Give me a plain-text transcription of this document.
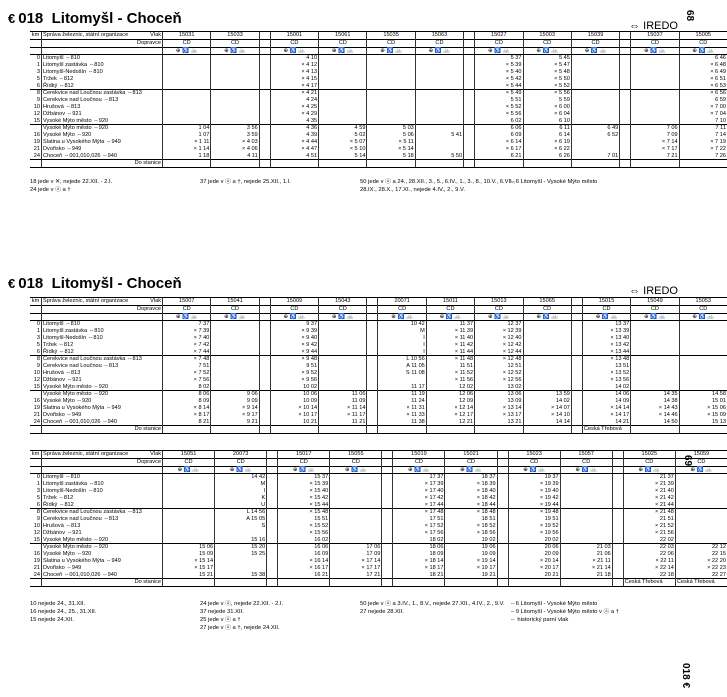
68
69
018 €
€ 018 Litomyšl - Choceň	⇔ IREDO
km	Správa železnic, státní organizace Vlak	15031	15033		15001	15061	15035	15063		15027	15003	15039		15037	15005
	Dopravce	ČD	ČD		ČD	ČD	ČD	ČD		ČD	ČD	ČD		ČD	ČD
		⊕ ♿ 🚲	⊕ ♿ 🚲		⊕ ♿ 🚲	⊕ ♿ 🚲	⊕ ♿ 🚲	⊕ ♿ 🚲		⊕ ♿ 🚲	⊕ ♿ 🚲	⊕ ♿ 🚲		⊕ ♿ 🚲	⊕ ♿ 🚲
0	Litomyšl ⇔810				4 10					5 37	5 45				6 46
1	Litomyšl zastávka ⇔810				× 4 12					× 5 39	× 5 47				× 6 48
3	Litomyšl-Nedošín ⇔810				× 4 13					× 5 40	× 5 48				× 6 49
5	Tržek ⇔812				× 4 15					× 5 42	× 5 50				× 6 51
6	Řídký ⇔812				× 4 17					× 5 44	× 5 52				× 6 53
8	Cerekvice nad Loučnou zastávka ⇔813				× 4 21					× 5 49	× 5 56				× 6 56
9	Cerekvice nad Loučnou ⇔813				4 24					5 51	5 59				6 59
10	Hrušová ⇔813				× 4 25					× 5 52	× 6 00				× 7 00
12	Džbánov ⇔921				× 4 29					× 5 56	× 6 04				× 7 04
15	Vysoké Mýto město ⇔920				4 35					6 02	6 10				7 10
	Vysoké Mýto město ⇔920	1 04	3 56		4 36	4 59	5 03			6 06	6 11	6 49		7 06	7 11
16	Vysoké Mýto ⇔920	1 07	3 59		4 39	5 02	5 06	5 41		6 09	6 14	6 52		7 09	7 14
19	Slatina u Vysokého Mýta ⇔949	× 1 11	× 4 03		× 4 44	× 5 07	× 5 11			× 6 14	× 6 19			× 7 14	× 7 19
21	Dvořisko ⇔949	× 1 14	× 4 06		× 4 47	× 5 10	× 5 14			× 6 17	× 6 22			× 7 17	× 7 22
24	Choceň ⇔001,010,026 ⇔940	1 18	4 11		4 51	5 14	5 18	5 50		6 21	6 26	7 01		7 21	7 26
	Do stanice														
18 jede v ✕, nejede 22.XII. - 2.I.
24 jede v ⓐ a †
37 jede v ⓐ a †, nejede 25.XII., 1.I.	50 jede v ⓐ a 24., 28.XII., 3., 5., 6.IV., 1., 3., 8., 10.V., 6.VII., 28.IX., 28.X., 17.XI., nejede 4.IV., 2., 9.V.
⇔6 Litomyšl - Vysoké Mýto město
€ 018 Litomyšl - Choceň	⇔ IREDO
km	Správa železnic, státní organizace Vlak	15007	15041		15009	15043		20071	15011	15013	15065		15015	15049	15053
	Dopravce	ČD	ČD		ČD	ČD		ČD	ČD	ČD	ČD		ČD	ČD	ČD
		⊕ ♿ 🚲	⊕ ♿ 🚲		⊕ ♿ 🚲	⊕ ♿ 🚲		⊕ ♿ 🚲	⊕ ♿ 🚲	⊕ ♿ 🚲	⊕ ♿ 🚲		⊕ ♿ 🚲	⊕ ♿ 🚲	⊕ ♿ 🚲
0	Litomyšl ⇔810	7 37			9 37			10 42	11 37	12 37			13 37		
1	Litomyšl zastávka ⇔810	× 7 39			× 9 39			M	× 11 39	× 12 39			× 13 39		
3	Litomyšl-Nedošín ⇔810	× 7 40			× 9 40			I	× 11 40	× 12 40			× 13 40		
5	Tržek ⇔812	× 7 42			× 9 42			I	× 11 42	× 12 42			× 13 42		
6	Řídký ⇔812	× 7 44			× 9 44			I	× 11 44	× 12 44			× 13 44		
8	Cerekvice nad Loučnou zastávka ⇔813	× 7 48			× 9 48			L 10 56	× 11 48	× 12 48			× 13 48		
9	Cerekvice nad Loučnou ⇔813	7 51			9 51			A 11 05	11 51	12 51			13 51		
10	Hrušová ⇔813	× 7 52			× 9 52			S 11 08	× 11 52	× 12 52			× 13 52		
12	Džbánov ⇔921	× 7 56			× 9 56				× 11 56	× 12 56			× 13 56		
15	Vysoké Mýto město ⇔920	8 02			10 02			11 17	12 02	13 02			14 02		
	Vysoké Mýto město ⇔920	8 06	9 06		10 06	11 06		11 19	12 06	13 06	13 59		14 06	14 35	14 58
16	Vysoké Mýto ⇔920	8 09	9 09		10 09	11 09		11 24	12 09	13 09	14 02		14 09	14 38	15 01
19	Slatina u Vysokého Mýta ⇔949	× 8 14	× 9 14		× 10 14	× 11 14		× 11 31	× 12 14	× 13 14	× 14 07		× 14 14	× 14 43	× 15 06
21	Dvořisko ⇔949	× 8 17	× 9 17		× 10 17	× 11 17		× 11 33	× 12 17	× 13 17	× 14 10		× 14 17	× 14 46	× 15 09
24	Choceň ⇔001,010,026 ⇔940	8 21	9 21		10 21	11 21		11 38	12 21	13 21	14 14		14 21	14 50	15 13
	Do stanice												Česká Třebová		
km	Správa železnic, státní organizace Vlak	15051	20073		15017	15055		15019	15021		15023	15057		15025	15059
	Dopravce	ČD	ČD		ČD	ČD		ČD	ČD		ČD	ČD		ČD	ČD
		⊕ ♿ 🚲	⊕ ♿ 🚲		⊕ ♿ 🚲	⊕ ♿ 🚲		⊕ ♿ 🚲	⊕ ♿ 🚲		⊕ ♿ 🚲	⊕ ♿ 🚲		⊕ ♿ 🚲	⊕ ♿ 🚲
0	Litomyšl ⇔810		14 42		15 37			17 37	18 37		19 37			21 37	
1	Litomyšl zastávka ⇔810		M		× 15 39			× 17 39	× 18 39		× 19 39			× 21 39	
3	Litomyšl-Nedošín ⇔810		I		× 15 40			× 17 40	× 18 40		× 19 40			× 21 40	
5	Tržek ⇔812		K		× 15 42			× 17 42	× 18 42		× 19 42			× 21 42	
6	Řídký ⇔812		U		× 15 44			× 17 44	× 18 44		× 19 44			× 21 44	
8	Cerekvice nad Loučnou zastávka ⇔813		L 14 56		× 15 48			× 17 48	× 18 48		× 19 48			× 21 48	
9	Cerekvice nad Loučnou ⇔813		A 15 05		15 51			17 51	18 51		19 51			21 51	
10	Hrušová ⇔813		S		× 15 52			× 17 52	× 18 52		× 19 52			× 21 52	
12	Džbánov ⇔921				× 15 56			× 17 56	× 18 56		× 19 56			× 21 56	
15	Vysoké Mýto město ⇔920		15 16		16 02			18 02	19 02		20 02			22 02	
	Vysoké Mýto město ⇔920	15 06	15 20		16 06	17 06		18 06	19 06		20 06	21 03		22 03	22 12
16	Vysoké Mýto ⇔920	15 09	15 25		16 09	17 09		18 09	19 09		20 09	21 06		22 06	22 15
19	Slatina u Vysokého Mýta ⇔949	× 15 14			× 16 14	× 17 14		× 18 14	× 19 14		× 20 14	× 21 11		× 22 11	× 22 20
21	Dvořisko ⇔949	× 15 17			× 16 17	× 17 17		× 18 17	× 19 17		× 20 17	× 21 14		× 22 14	× 22 23
24	Choceň ⇔001,010,026 ⇔940	15 21	15 38		16 21	17 21		18 21	19 21		20 21	21 18		22 18	22 27
	Do stanice													Česká Třebová	Česká Třebová
10 nejede 24., 31.XII.
16 nejede 24., 25., 31.XII.
15 nejede 24.XII.
24 jede v ⓐ, nejede 22.XII. - 2.I.
37 nejede 31.XII.
25 jede v ⓐ a †
27 jede v ⓐ a †, nejede 24.XII.
50 jede v ⓐ a 3.IV., 1., 8.V., nejede 27.XII., 4.IV., 2., 9.V.
27 nejede 28.XII.
⇔6 Litomyšl - Vysoké Mýto město
⇔9 Litomyšl - Vysoké Mýto město v ⓐ a †
⇔ historický parní vlak
